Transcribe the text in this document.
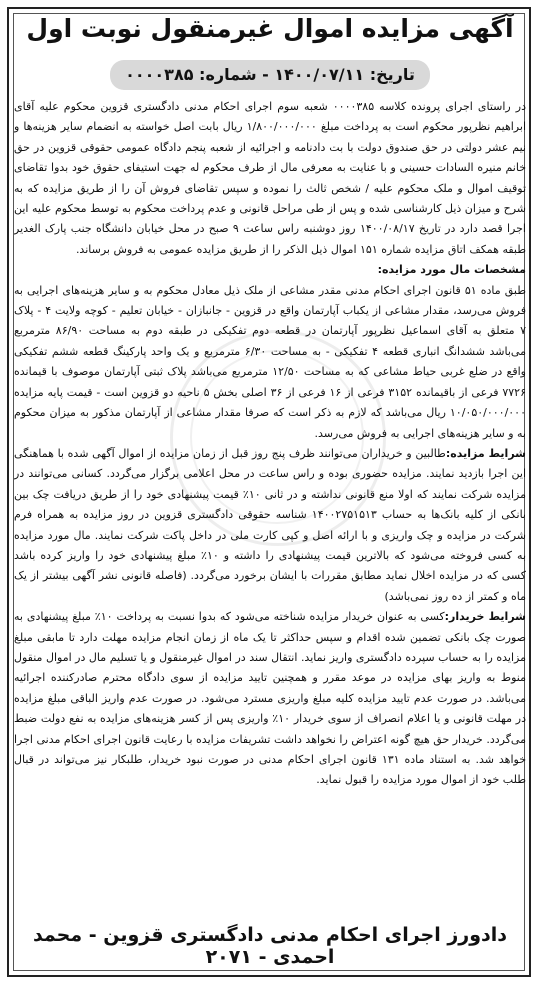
آگهی مزایده اموال غیرمنقول نوبت اول
تاریخ: ۱۴۰۰/۰۷/۱۱ - شماره: ۰۰۰۰۳۸۵

در راستای اجرای پرونده کلاسه ۰۰۰۰۳۸۵ شعبه سوم اجرای احکام مدنی دادگستری قزوین محکوم علیه آقای ابراهیم نظرپور محکوم است به پرداخت مبلغ ۱/۸۰۰/۰۰۰/۰۰۰ ریال بابت اصل خواسته به انضمام سایر هزینه‌ها و نیم عشر دولتی در حق صندوق دولت با بت دادنامه و اجرائیه از شعبه پنجم دادگاه عمومی حقوقی قزوین در حق خانم منیره السادات حسینی و با عنایت به معرفی مال از طرف محکوم له جهت استیفای حقوق خود بدوا تقاضای توقیف اموال و ملک محکوم علیه / شخص ثالث را نموده و سپس تقاضای فروش آن را از طریق مزایده که به شرح و میزان ذیل کارشناسی شده و پس از طی مراحل قانونی و عدم پرداخت محکوم به توسط محکوم علیه این اجرا قصد دارد در تاریخ ۱۴۰۰/۰۸/۱۷ روز دوشنبه راس ساعت ۹ صبح در محل خیابان دانشگاه جنب پارک الغدیر طبقه همکف اتاق مزایده شماره ۱۵۱ اموال ذیل الذکر را از طریق مزایده عمومی به فروش برساند.

مشخصات مال مورد مزایده:

طبق ماده ۵۱ قانون اجرای احکام مدنی مقدر مشاعی از ملک ذیل معادل محکوم به و سایر هزینه‌های اجرایی به فروش می‌رسد، مقدار مشاعی از یکباب آپارتمان واقع در قزوین - جانبازان - خیابان تعلیم - کوچه ولایت ۴ - پلاک ۷ متعلق به آقای اسماعیل نظرپور آپارتمان در قطعه دوم تفکیکی در طبقه دوم به مساحت ۸۶/۹۰ مترمربع می‌باشد ششدانگ انباری قطعه ۴ تفکیکی - به مساحت ۶/۳۰ مترمربع و یک واحد پارکینگ قطعه ششم تفکیکی واقع در ضلع غربی حیاط مشاعی که به مساحت ۱۲/۵۰ مترمربع می‌باشد پلاک ثبتی آپارتمان موصوف با قیمانده ۷۷۲۶ فرعی از باقیمانده ۳۱۵۲ فرعی از ۱۶ فرعی از ۳۶ اصلی بخش ۵ ناحیه دو قزوین است - قیمت پایه مزایده ۱۰/۰۵۰/۰۰۰/۰۰۰ ریال می‌باشد که لازم به ذکر است که صرفا مقدار مشاعی از آپارتمان مذکور به میزان محکوم به و سایر هزینه‌های اجرایی به فروش می‌رسد.

شرایط مزایده:طالبین و خریداران می‌توانند ظرف پنج روز قبل از زمان مزایده از اموال آگهی شده با هماهنگی این اجرا بازدید نمایند. مزایده حضوری بوده و راس ساعت در محل اعلامی برگزار می‌گردد. کسانی می‌توانند در مزایده شرکت نمایند که اولا منع قانونی نداشته و در ثانی ۱۰٪ قیمت پیشنهادی خود را از طریق دریافت چک بین بانکی از کلیه بانک‌ها به حساب ۱۴۰۰۲۷۵۱۵۱۳ شناسه حقوقی دادگستری قزوین در روز مزایده به همراه فرم شرکت در مزایده و چک واریزی و با ارائه اصل و کپی کارت ملی در داخل پاکت شرکت نمایند. مال مورد مزایده به کسی فروخته می‌شود که بالاترین قیمت پیشنهادی را داشته و ۱۰٪ مبلغ پیشنهادی خود را واریز کرده باشد کسی که در مزایده اخلال نماید مطابق مقررات با ایشان برخورد می‌گردد. (فاصله قانونی نشر آگهی بیشتر از یک ماه و کمتر از ده روز نمی‌باشد)

شرایط خریدار:کسی به عنوان خریدار مزایده شناخته می‌شود که بدوا نسبت به پرداخت ۱۰٪ مبلغ پیشنهادی به صورت چک بانکی تضمین شده اقدام و سپس حداکثر تا یک ماه از زمان انجام مزایده مهلت دارد تا مابقی مبلغ مزایده را به حساب سپرده دادگستری واریز نماید. انتقال سند در اموال غیرمنقول و یا تسلیم مال در اموال منقول منوط به واریز بهای مزایده در موعد مقرر و همچنین تایید مزایده از سوی دادگاه محترم صادرکننده اجرائیه می‌باشد. در صورت عدم تایید مزایده کلیه مبلغ واریزی مسترد می‌شود. در صورت عدم واریز الباقی مبلغ مزایده در مهلت قانونی و یا اعلام انصراف از سوی خریدار ۱۰٪ واریزی پس از کسر هزینه‌های مزایده به نفع دولت ضبط می‌گردد. خریدار حق هیچ گونه اعتراض را نخواهد داشت تشریفات مزایده با رعایت قانون اجرای احکام مدنی اجرا خواهد شد. به استناد ماده ۱۳۱ قانون اجرای احکام مدنی در صورت نبود خریدار، طلبکار نیز می‌تواند در قبال طلب خود از اموال مورد مزایده را قبول نماید.

دادورز اجرای احکام مدنی دادگستری قزوین - محمد احمدی - ۲۰۷۱
